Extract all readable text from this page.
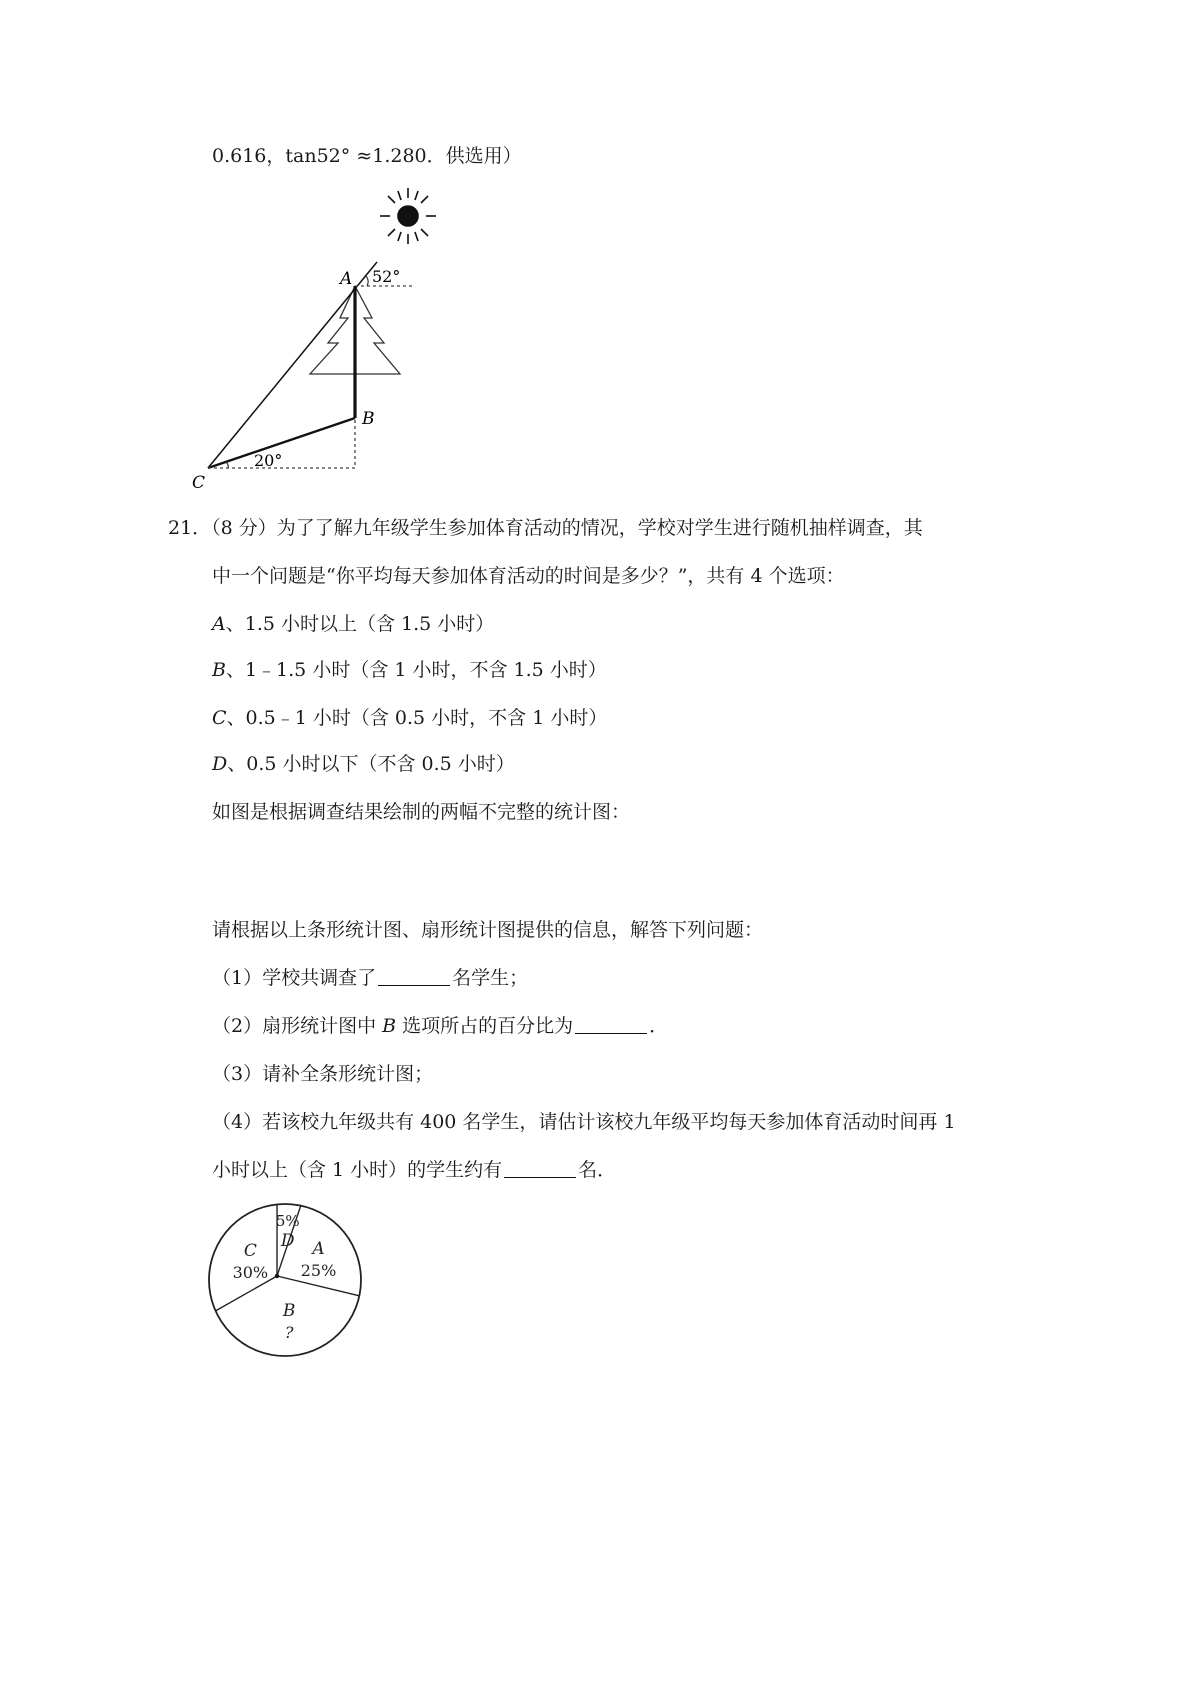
0.616，tan52° ≈1.280．供选用）

A
B
C
52°
20°

21．（8 分）为了了解九年级学生参加体育活动的情况，学校对学生进行随机抽样调查，其

中一个问题是“你平均每天参加体育活动的时间是多少？”，共有 4 个选项：

A、1.5 小时以上（含 1.5 小时）

B、1﹣1.5 小时（含 1 小时，不含 1.5 小时）

C、0.5﹣1 小时（含 0.5 小时，不含 1 小时）

D、0.5 小时以下（不含 0.5 小时）

如图是根据调查结果绘制的两幅不完整的统计图：

请根据以上条形统计图、扇形统计图提供的信息，解答下列问题：

（1）学校共调查了	名学生；

（2）扇形统计图中 B 选项所占的百分比为	．

（3）请补全条形统计图；

（4）若该校九年级共有 400 名学生，请估计该校九年级平均每天参加体育活动时间再 1

小时以上（含 1 小时）的学生约有	名．

A
25%
B
?
C
30%
D
5%
